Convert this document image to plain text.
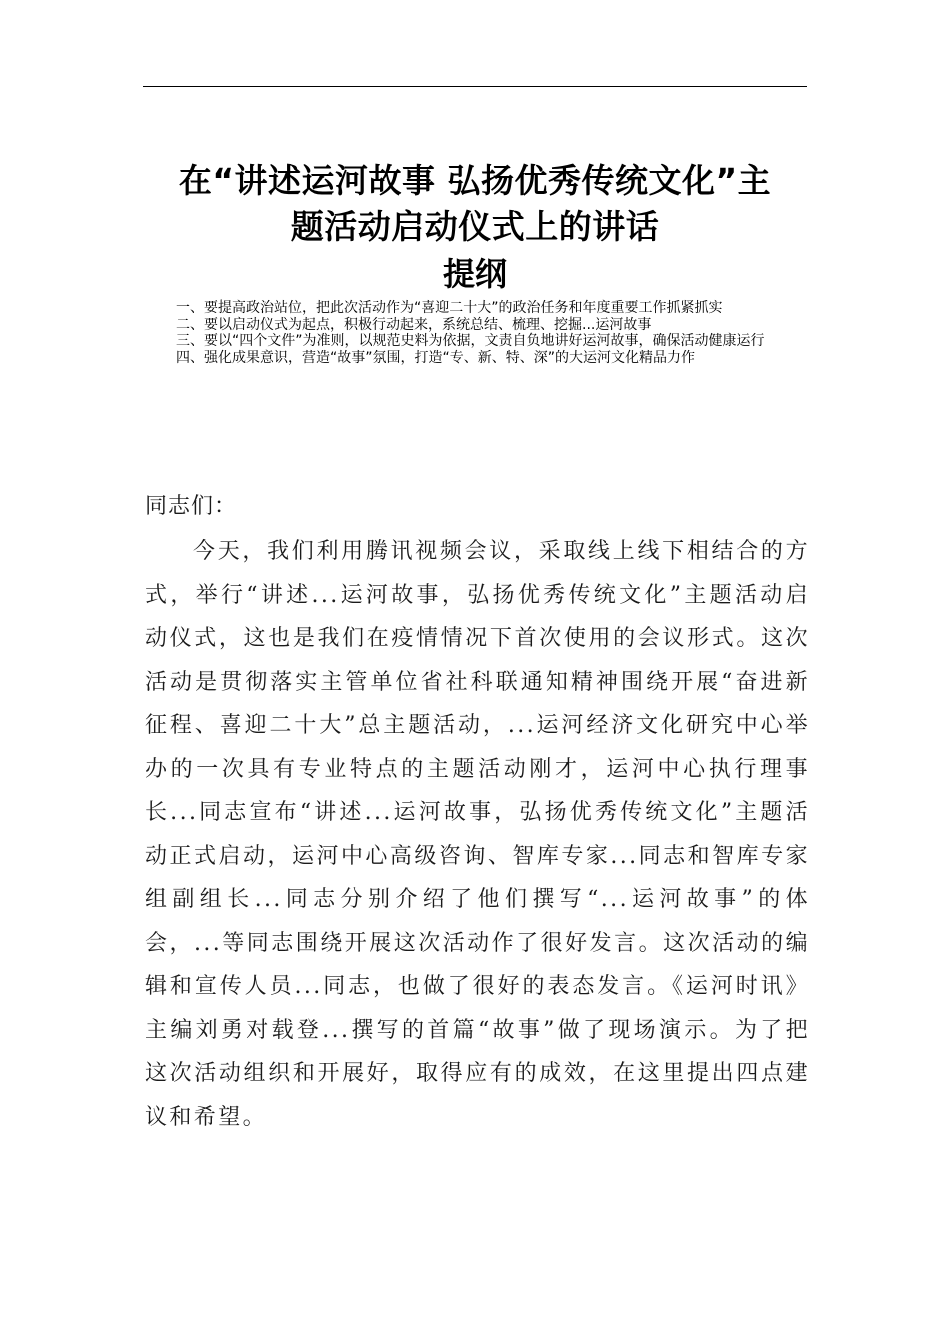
在“讲述运河故事 弘扬优秀传统文化”主
题活动启动仪式上的讲话
提纲
一、要提高政治站位，把此次活动作为“喜迎二十大”的政治任务和年度重要工作抓紧抓实
二、要以启动仪式为起点，积极行动起来，系统总结、梳理、挖掘...运河故事
三、要以“四个文件”为准则，以规范史料为依据，文责自负地讲好运河故事，确保活动健康运行
四、强化成果意识，营造“故事”氛围，打造“专、新、特、深”的大运河文化精品力作
同志们：

今天，我们利用腾讯视频会议，采取线上线下相结合的方式，举行“讲述...运河故事，弘扬优秀传统文化”主题活动启动仪式，这也是我们在疫情情况下首次使用的会议形式。这次活动是贯彻落实主管单位省社科联通知精神围绕开展“奋进新征程、喜迎二十大”总主题活动，...运河经济文化研究中心举办的一次具有专业特点的主题活动刚才，运河中心执行理事长...同志宣布“讲述...运河故事，弘扬优秀传统文化”主题活动正式启动，运河中心高级咨询、智库专家...同志和智库专家组副组长...同志分别介绍了他们撰写“...运河故事”的体会，...等同志围绕开展这次活动作了很好发言。这次活动的编辑和宣传人员...同志，也做了很好的表态发言。《运河时讯》主编刘勇对载登...撰写的首篇“故事”做了现场演示。为了把这次活动组织和开展好，取得应有的成效，在这里提出四点建议和希望。
